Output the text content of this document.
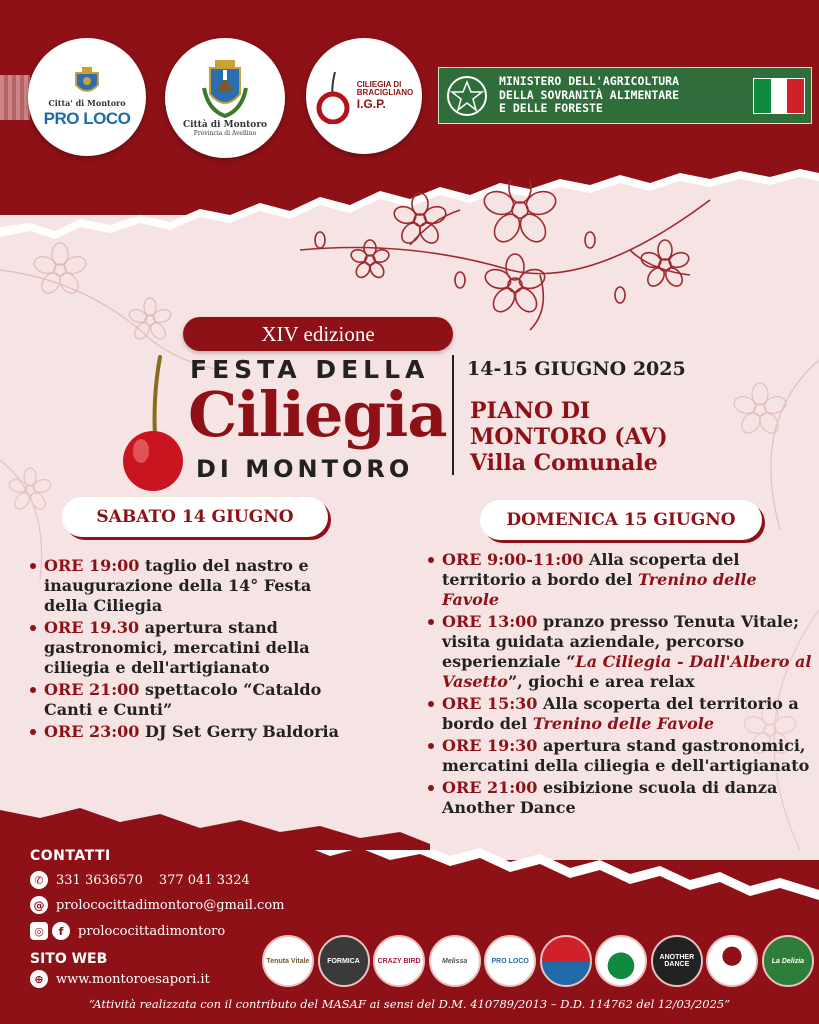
Citta' di Montoro
PRO LOCO	Città di Montoro
Provincia di Avellino
CILIEGIA DI
BRACIGLIANO
I.G.P.
MINISTERO DELL'AGRICOLTURA
DELLA SOVRANITÀ ALIMENTARE
E DELLE FORESTE
XIV edizione
FESTA DELLA
Ciliegia
DI MONTORO
14-15 GIUGNO 2025
PIANO DI
MONTORO (AV)
Villa Comunale
SABATO 14 GIUGNO
ORE 19:00 taglio del nastro e inaugurazione della 14° Festa della Ciliegia
ORE 19.30 apertura stand gastronomici, mercatini della ciliegia e dell'artigianato
ORE 21:00 spettacolo “Cataldo Canti e Cunti”
ORE 23:00 DJ Set Gerry Baldoria
DOMENICA 15 GIUGNO
ORE 9:00-11:00 Alla scoperta del territorio a bordo del Trenino delle Favole
ORE 13:00 pranzo presso Tenuta Vitale; visita guidata aziendale, percorso esperienziale “La Ciliegia - Dall'Albero al Vasetto”, giochi e area relax
ORE 15:30 Alla scoperta del territorio a bordo del Trenino delle Favole
ORE 19:30 apertura stand gastronomici, mercatini della ciliegia e dell'artigianato
ORE 21:00 esibizione scuola di danza Another Dance
CONTATTI
✆ 331 3636570 377 041 3324
@ prolococittadimontoro@gmail.com
◎	f	prolococittadimontoro
SITO WEB
⊕ www.montoroesapori.it
Tenuta Vitale	FORMICA	CRAZY BIRD	Melissa	PRO LOCO	ANOTHER DANCE	La Delizia
“Attività realizzata con il contributo del MASAF ai sensi del D.M. 410789/2013 – D.D. 114762 del 12/03/2025”
